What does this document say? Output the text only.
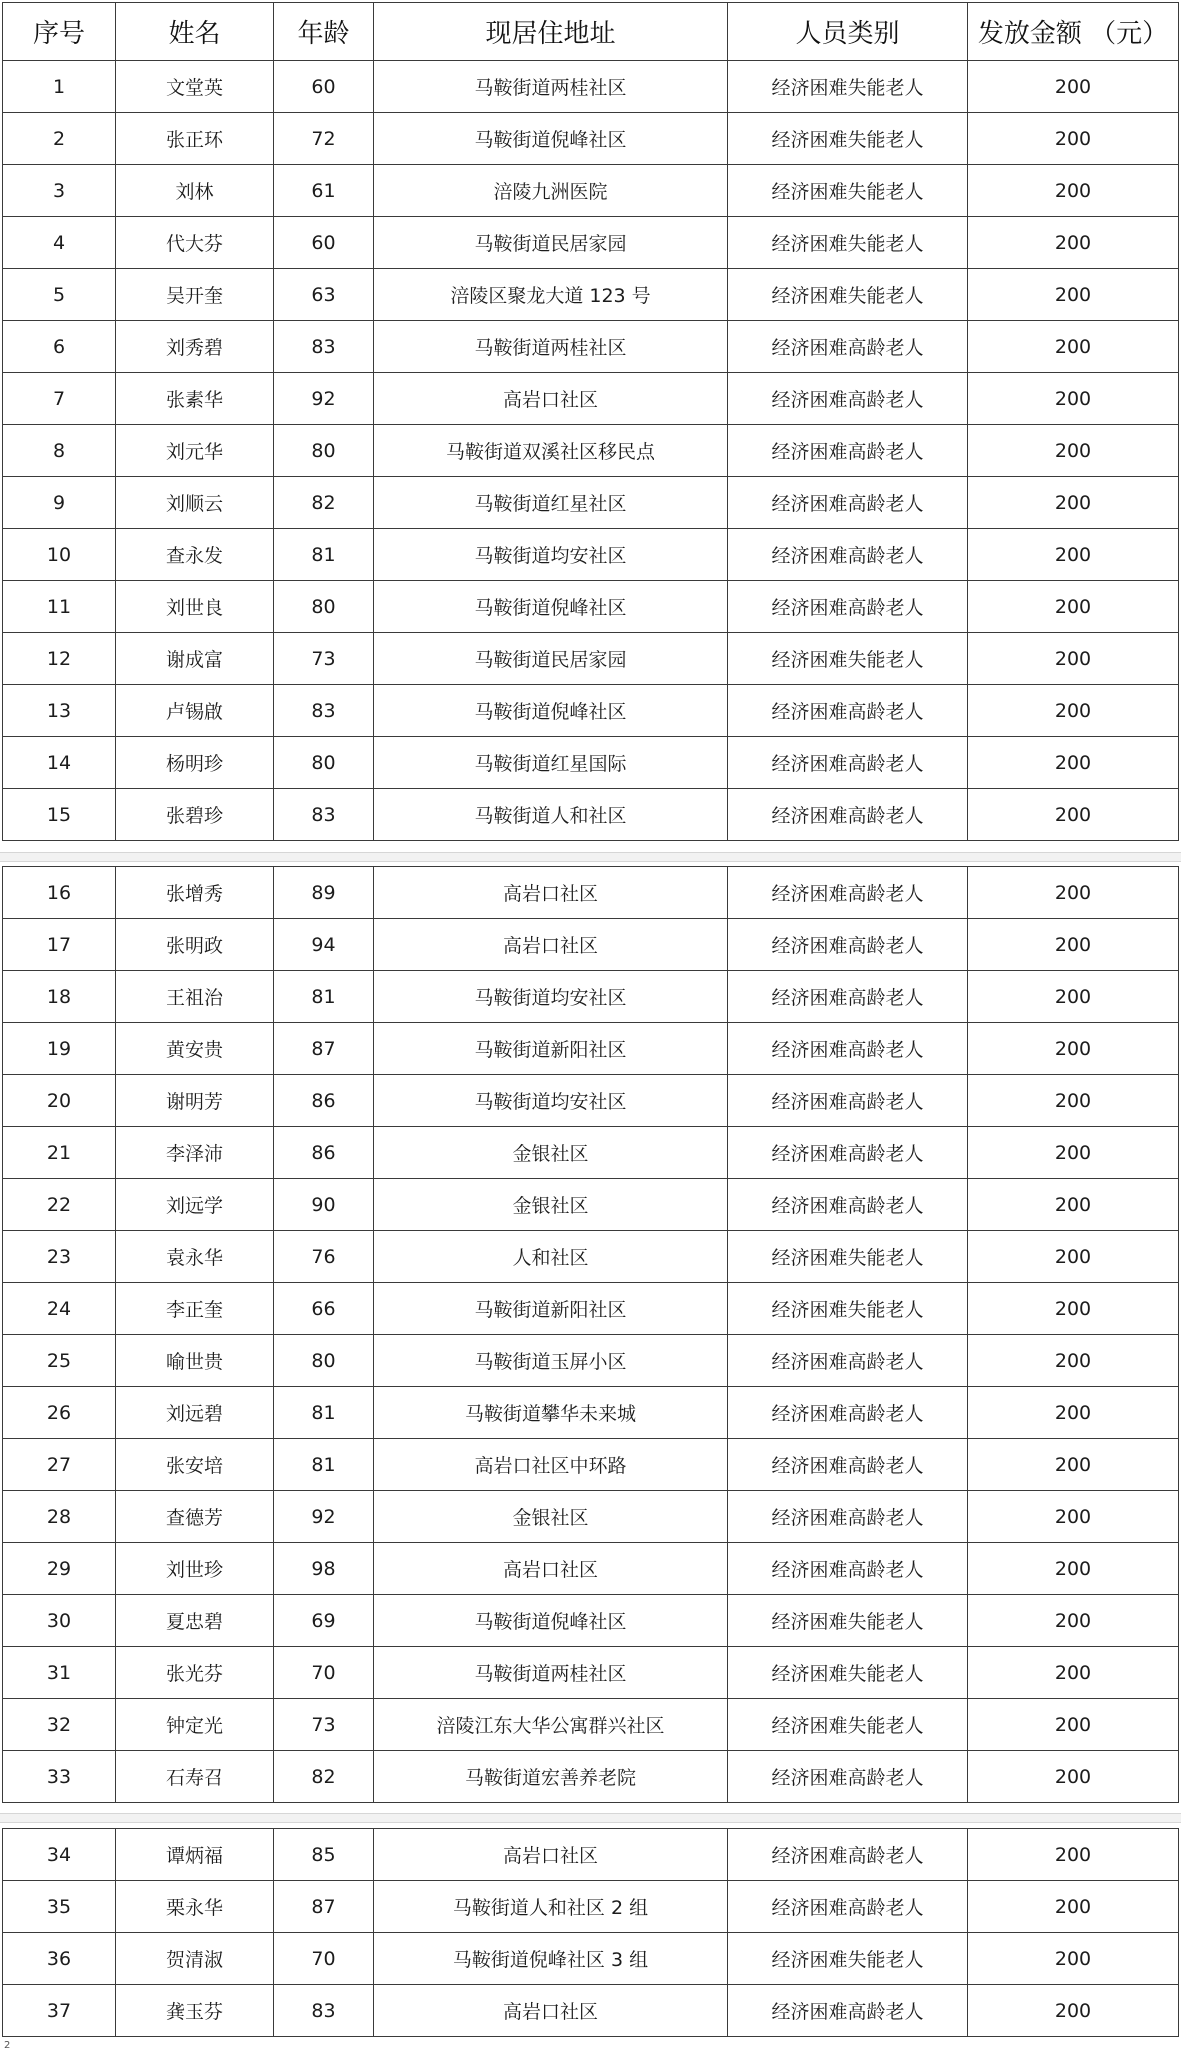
序号	姓名	年龄	现居住地址	人员类别	发放金额 （元）
1	文堂英	60	马鞍街道两桂社区	经济困难失能老人	200
2	张正环	72	马鞍街道倪峰社区	经济困难失能老人	200
3	刘林	61	涪陵九洲医院	经济困难失能老人	200
4	代大芬	60	马鞍街道民居家园	经济困难失能老人	200
5	吴开奎	63	涪陵区聚龙大道 123 号	经济困难失能老人	200
6	刘秀碧	83	马鞍街道两桂社区	经济困难高龄老人	200
7	张素华	92	高岩口社区	经济困难高龄老人	200
8	刘元华	80	马鞍街道双溪社区移民点	经济困难高龄老人	200
9	刘顺云	82	马鞍街道红星社区	经济困难高龄老人	200
10	查永发	81	马鞍街道均安社区	经济困难高龄老人	200
11	刘世良	80	马鞍街道倪峰社区	经济困难高龄老人	200
12	谢成富	73	马鞍街道民居家园	经济困难失能老人	200
13	卢锡啟	83	马鞍街道倪峰社区	经济困难高龄老人	200
14	杨明珍	80	马鞍街道红星国际	经济困难高龄老人	200
15	张碧珍	83	马鞍街道人和社区	经济困难高龄老人	200
16	张增秀	89	高岩口社区	经济困难高龄老人	200
17	张明政	94	高岩口社区	经济困难高龄老人	200
18	王祖治	81	马鞍街道均安社区	经济困难高龄老人	200
19	黄安贵	87	马鞍街道新阳社区	经济困难高龄老人	200
20	谢明芳	86	马鞍街道均安社区	经济困难高龄老人	200
21	李泽沛	86	金银社区	经济困难高龄老人	200
22	刘远学	90	金银社区	经济困难高龄老人	200
23	袁永华	76	人和社区	经济困难失能老人	200
24	李正奎	66	马鞍街道新阳社区	经济困难失能老人	200
25	喻世贵	80	马鞍街道玉屏小区	经济困难高龄老人	200
26	刘远碧	81	马鞍街道攀华未来城	经济困难高龄老人	200
27	张安培	81	高岩口社区中环路	经济困难高龄老人	200
28	查德芳	92	金银社区	经济困难高龄老人	200
29	刘世珍	98	高岩口社区	经济困难高龄老人	200
30	夏忠碧	69	马鞍街道倪峰社区	经济困难失能老人	200
31	张光芬	70	马鞍街道两桂社区	经济困难失能老人	200
32	钟定光	73	涪陵江东大华公寓群兴社区	经济困难失能老人	200
33	石寿召	82	马鞍街道宏善养老院	经济困难高龄老人	200
34	谭炳福	85	高岩口社区	经济困难高龄老人	200
35	栗永华	87	马鞍街道人和社区 2 组	经济困难高龄老人	200
36	贺清淑	70	马鞍街道倪峰社区 3 组	经济困难失能老人	200
37	龚玉芬	83	高岩口社区	经济困难高龄老人	200
2
